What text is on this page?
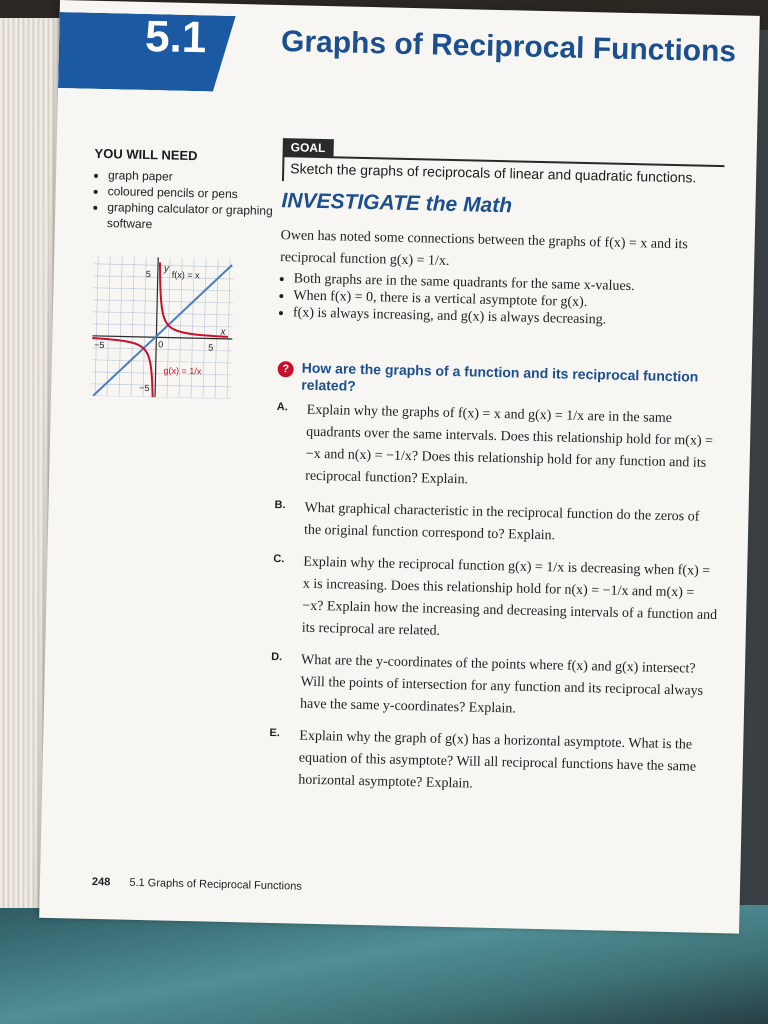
5.1 Graphs of Reciprocal Functions
YOU WILL NEED
• graph paper
• coloured pencils or pens
• graphing calculator or graphing software
y
x
f(x) = x
g(x) = 1/x
−5	5
5
−5
0
GOAL
Sketch the graphs of reciprocals of linear and quadratic functions.
INVESTIGATE the Math
Owen has noted some connections between the graphs of f(x) = x and its reciprocal function g(x) = 1/x.
• Both graphs are in the same quadrants for the same x-values.
• When f(x) = 0, there is a vertical asymptote for g(x).
• f(x) is always increasing, and g(x) is always decreasing.
? How are the graphs of a function and its reciprocal function related?
A.	Explain why the graphs of f(x) = x and g(x) = 1/x are in the same quadrants over the same intervals. Does this relationship hold for m(x) = −x and n(x) = −1/x? Does this relationship hold for any function and its reciprocal function? Explain.
B.	What graphical characteristic in the reciprocal function do the zeros of the original function correspond to? Explain.
C.	Explain why the reciprocal function g(x) = 1/x is decreasing when f(x) = x is increasing. Does this relationship hold for n(x) = −1/x and m(x) = −x? Explain how the increasing and decreasing intervals of a function and its reciprocal are related.
D.	What are the y-coordinates of the points where f(x) and g(x) intersect? Will the points of intersection for any function and its reciprocal always have the same y-coordinates? Explain.
E.	Explain why the graph of g(x) has a horizontal asymptote. What is the equation of this asymptote? Will all reciprocal functions have the same horizontal asymptote? Explain.
248 5.1 Graphs of Reciprocal Functions
